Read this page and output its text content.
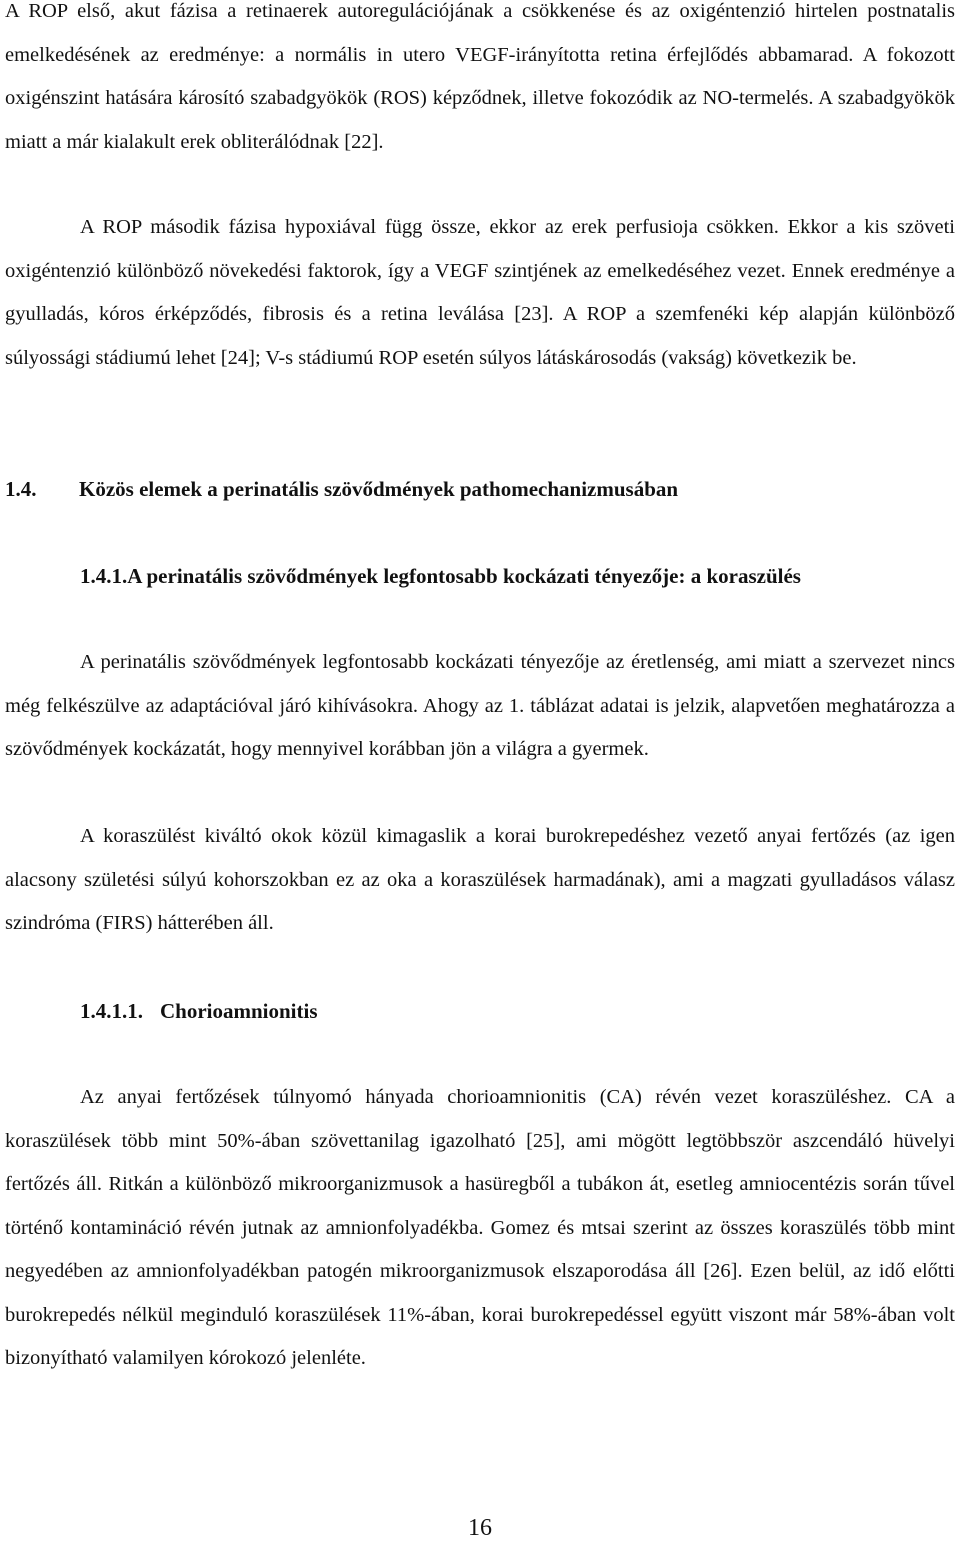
A ROP első, akut fázisa a retinaerek autoregulációjának a csökkenése és az oxigéntenzió hirtelen postnatalis emelkedésének az eredménye: a normális in utero VEGF-irányította retina érfejlődés abbamarad. A fokozott oxigénszint hatására károsító szabadgyökök (ROS) képződnek, illetve fokozódik az NO-termelés. A szabadgyökök miatt a már kialakult erek obliterálódnak [22].

A ROP második fázisa hypoxiával függ össze, ekkor az erek perfusioja csökken. Ekkor a kis szöveti oxigéntenzió különböző növekedési faktorok, így a VEGF szintjének az emelkedéséhez vezet. Ennek eredménye a gyulladás, kóros érképződés, fibrosis és a retina leválása [23]. A ROP a szemfenéki kép alapján különböző súlyossági stádiumú lehet [24]; V-s stádiumú ROP esetén súlyos látáskárosodás (vakság) következik be.

1.4. Közös elemek a perinatális szövődmények pathomechanizmusában
1.4.1.A perinatális szövődmények legfontosabb kockázati tényezője: a koraszülés

A perinatális szövődmények legfontosabb kockázati tényezője az éretlenség, ami miatt a szervezet nincs még felkészülve az adaptációval járó kihívásokra. Ahogy az 1. táblázat adatai is jelzik, alapvetően meghatározza a szövődmények kockázatát, hogy mennyivel korábban jön a világra a gyermek.

A koraszülést kiváltó okok közül kimagaslik a korai burokrepedéshez vezető anyai fertőzés (az igen alacsony születési súlyú kohorszokban ez az oka a koraszülések harmadának), ami a magzati gyulladásos válasz szindróma (FIRS) hátterében áll.

1.4.1.1. Chorioamnionitis

Az anyai fertőzések túlnyomó hányada chorioamnionitis (CA) révén vezet koraszüléshez. CA a koraszülések több mint 50%-ában szövettanilag igazolható [25], ami mögött legtöbbször aszcendáló hüvelyi fertőzés áll. Ritkán a különböző mikroorganizmusok a hasüregből a tubákon át, esetleg amniocentézis során tűvel történő kontamináció révén jutnak az amnionfolyadékba. Gomez és mtsai szerint az összes koraszülés több mint negyedében az amnionfolyadékban patogén mikroorganizmusok elszaporodása áll [26]. Ezen belül, az idő előtti burokrepedés nélkül meginduló koraszülések 11%-ában, korai burokrepedéssel együtt viszont már 58%-ában volt bizonyítható valamilyen kórokozó jelenléte.

16
